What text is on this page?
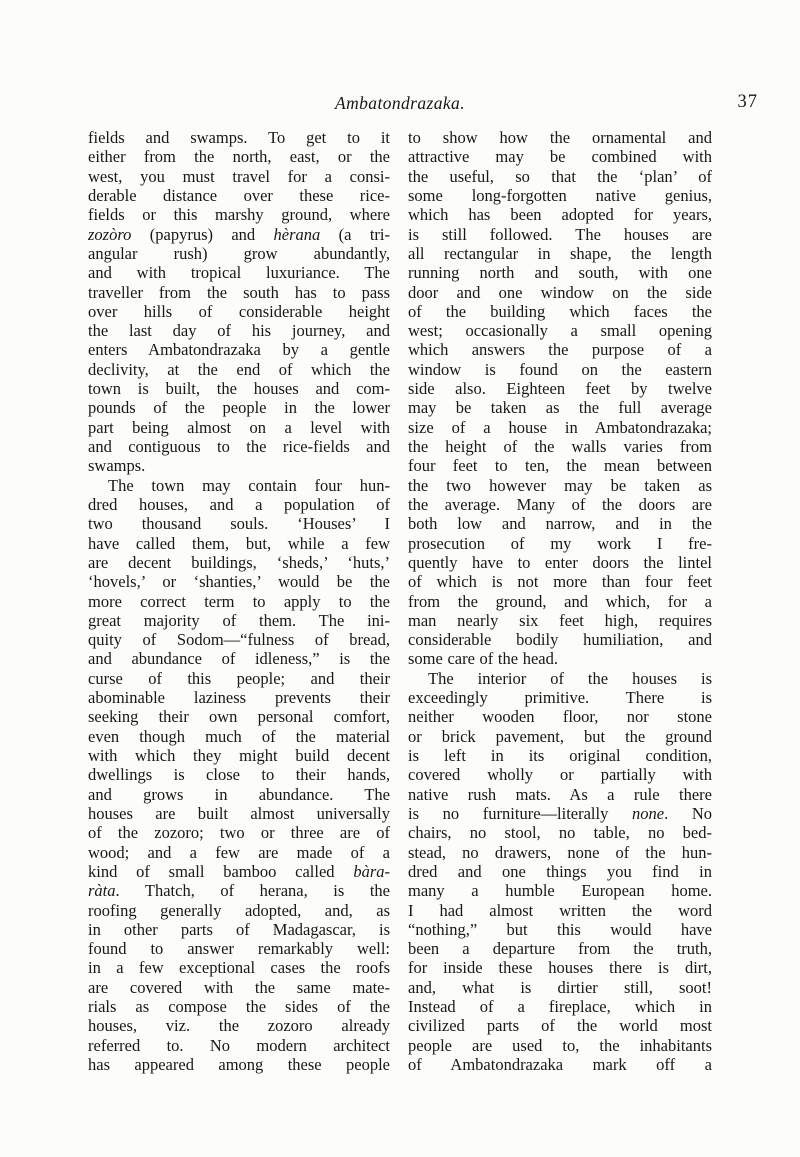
Ambatondrazaka.	37
fields and swamps. To get to it
either from the north, east, or the
west, you must travel for a consi-
derable distance over these rice-
fields or this marshy ground, where
zozòro (papyrus) and hèrana (a tri-
angular rush) grow abundantly,
and with tropical luxuriance. The
traveller from the south has to pass
over hills of considerable height
the last day of his journey, and
enters Ambatondrazaka by a gentle
declivity, at the end of which the
town is built, the houses and com-
pounds of the people in the lower
part being almost on a level with
and contiguous to the rice-fields and
swamps.
The town may contain four hun-
dred houses, and a population of
two thousand souls. ‘Houses’ I
have called them, but, while a few
are decent buildings, ‘sheds,’ ‘huts,’
‘hovels,’ or ‘shanties,’ would be the
more correct term to apply to the
great majority of them. The ini-
quity of Sodom—“fulness of bread,
and abundance of idleness,” is the
curse of this people; and their
abominable laziness prevents their
seeking their own personal comfort,
even though much of the material
with which they might build decent
dwellings is close to their hands,
and grows in abundance. The
houses are built almost universally
of the zozoro; two or three are of
wood; and a few are made of a
kind of small bamboo called bàra-
ràta. Thatch, of herana, is the
roofing generally adopted, and, as
in other parts of Madagascar, is
found to answer remarkably well:
in a few exceptional cases the roofs
are covered with the same mate-
rials as compose the sides of the
houses, viz. the zozoro already
referred to. No modern architect
has appeared among these people
to show how the ornamental and
attractive may be combined with
the useful, so that the ‘plan’ of
some long-forgotten native genius,
which has been adopted for years,
is still followed. The houses are
all rectangular in shape, the length
running north and south, with one
door and one window on the side
of the building which faces the
west; occasionally a small opening
which answers the purpose of a
window is found on the eastern
side also. Eighteen feet by twelve
may be taken as the full average
size of a house in Ambatondrazaka;
the height of the walls varies from
four feet to ten, the mean between
the two however may be taken as
the average. Many of the doors are
both low and narrow, and in the
prosecution of my work I fre-
quently have to enter doors the lintel
of which is not more than four feet
from the ground, and which, for a
man nearly six feet high, requires
considerable bodily humiliation, and
some care of the head.
The interior of the houses is
exceedingly primitive. There is
neither wooden floor, nor stone
or brick pavement, but the ground
is left in its original condition,
covered wholly or partially with
native rush mats. As a rule there
is no furniture—literally none. No
chairs, no stool, no table, no bed-
stead, no drawers, none of the hun-
dred and one things you find in
many a humble European home.
I had almost written the word
“nothing,” but this would have
been a departure from the truth,
for inside these houses there is dirt,
and, what is dirtier still, soot!
Instead of a fireplace, which in
civilized parts of the world most
people are used to, the inhabitants
of Ambatondrazaka mark off a
